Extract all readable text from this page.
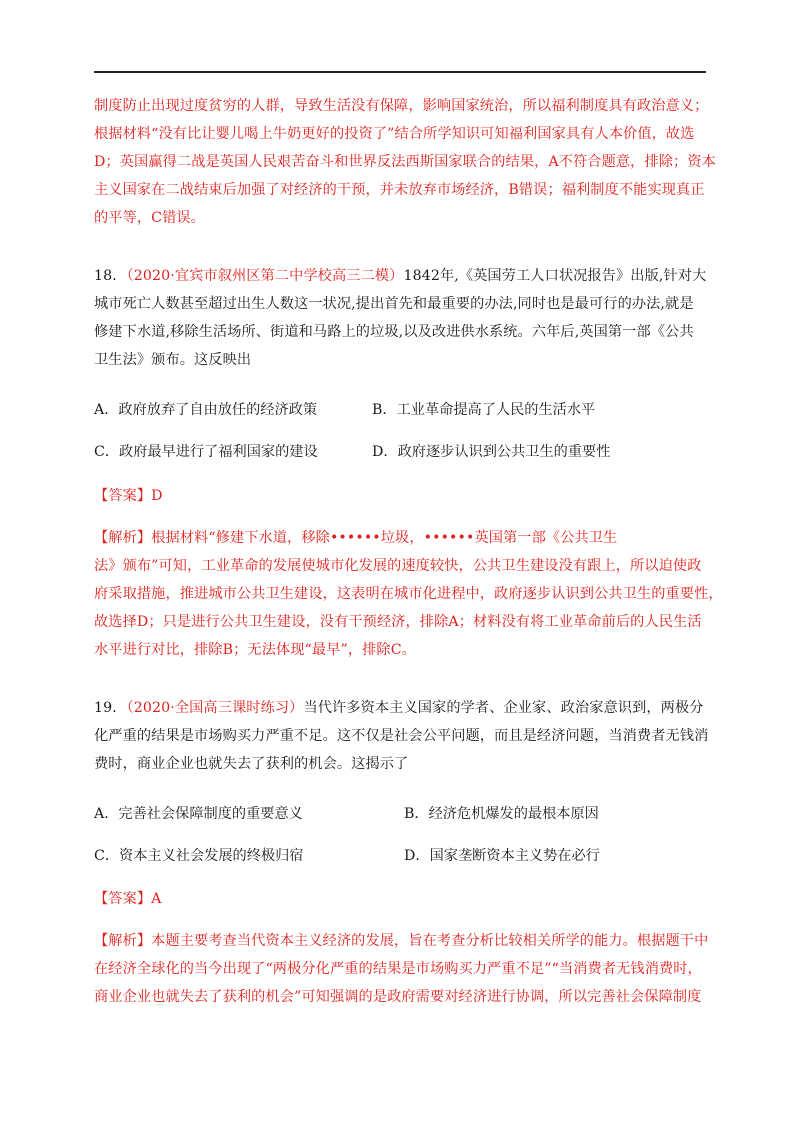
制度防止出现过度贫穷的人群，导致生活没有保障，影响国家统治，所以福利制度具有政治意义；
根据材料“没有比让婴儿喝上牛奶更好的投资了”结合所学知识可知福利国家具有人本价值，故选
D；英国赢得二战是英国人民艰苦奋斗和世界反法西斯国家联合的结果，A不符合题意，排除；资本
主义国家在二战结束后加强了对经济的干预，并未放弃市场经济，B错误；福利制度不能实现真正
的平等，C错误。
18．（2020·宜宾市叙州区第二中学校高三二模）1842年,《英国劳工人口状况报告》出版,针对大
城市死亡人数甚至超过出生人数这一状况,提出首先和最重要的办法,同时也是最可行的办法,就是
修建下水道,移除生活场所、街道和马路上的垃圾,以及改进供水系统。六年后,英国第一部《公共
卫生法》颁布。这反映出
A．政府放弃了自由放任的经济政策	B．工业革命提高了人民的生活水平
C．政府最早进行了福利国家的建设	D．政府逐步认识到公共卫生的重要性
【答案】D
【解析】根据材料“修建下水道，移除••••••垃圾，••••••英国第一部《公共卫生
法》颁布”可知，工业革命的发展使城市化发展的速度较快，公共卫生建设没有跟上，所以迫使政
府采取措施，推进城市公共卫生建设，这表明在城市化进程中，政府逐步认识到公共卫生的重要性，
故选择D；只是进行公共卫生建设，没有干预经济，排除A；材料没有将工业革命前后的人民生活
水平进行对比，排除B；无法体现“最早”，排除C。
19．（2020·全国高三课时练习）当代许多资本主义国家的学者、企业家、政治家意识到，两极分
化严重的结果是市场购买力严重不足。这不仅是社会公平问题，而且是经济问题，当消费者无钱消
费时，商业企业也就失去了获利的机会。这揭示了
A．完善社会保障制度的重要意义	B．经济危机爆发的最根本原因
C．资本主义社会发展的终极归宿	D．国家垄断资本主义势在必行
【答案】A
【解析】本题主要考查当代资本主义经济的发展，旨在考查分析比较相关所学的能力。根据题干中
在经济全球化的当今出现了“两极分化严重的结果是市场购买力严重不足”“当消费者无钱消费时，
商业企业也就失去了获利的机会”可知强调的是政府需要对经济进行协调，所以完善社会保障制度
